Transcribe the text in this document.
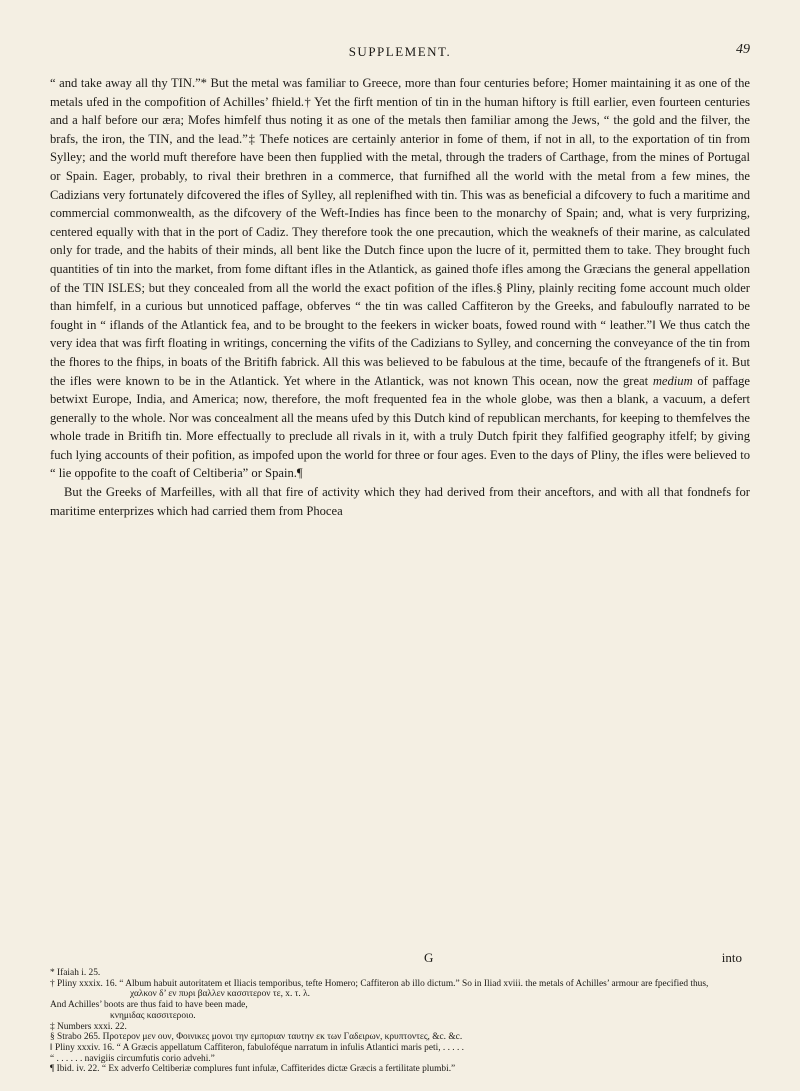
SUPPLEMENT.	49

“ and take away all thy TIN.”* But the metal was familiar to Greece, more than four centuries before; Homer maintaining it as one of the metals ufed in the compofition of Achilles’ fhield.† Yet the firft mention of tin in the human hiftory is ftill earlier, even fourteen centuries and a half before our æra; Mofes himfelf thus noting it as one of the metals then familiar among the Jews, “ the gold and the filver, the brafs, the iron, the TIN, and the lead.”‡ Thefe notices are certainly anterior in fome of them, if not in all, to the exportation of tin from Sylley; and the world muft therefore have been then fupplied with the metal, through the traders of Carthage, from the mines of Portugal or Spain. Eager, probably, to rival their brethren in a commerce, that furnifhed all the world with the metal from a few mines, the Cadizians very fortunately difcovered the ifles of Sylley, all replenifhed with tin. This was as beneficial a difcovery to fuch a maritime and commercial commonwealth, as the difcovery of the Weft-Indies has fince been to the monarchy of Spain; and, what is very furprizing, centered equally with that in the port of Cadiz. They therefore took the one precaution, which the weaknefs of their marine, as calculated only for trade, and the habits of their minds, all bent like the Dutch fince upon the lucre of it, permitted them to take. They brought fuch quantities of tin into the market, from fome diftant ifles in the Atlantick, as gained thofe ifles among the Græcians the general appellation of the TIN ISLES; but they concealed from all the world the exact pofition of the ifles.§ Pliny, plainly reciting fome account much older than himfelf, in a curious but unnoticed paffage, obferves “ the tin was called Caffiteron by the Greeks, and fabuloufly narrated to be fought in “ iflands of the Atlantick fea, and to be brought to the feekers in wicker boats, fowed round with “ leather.”‖ We thus catch the very idea that was firft floating in writings, concerning the vifits of the Cadizians to Sylley, and concerning the conveyance of the tin from the fhores to the fhips, in boats of the Britifh fabrick. All this was believed to be fabulous at the time, becaufe of the ftrangenefs of it. But the ifles were known to be in the Atlantick. Yet where in the Atlantick, was not known This ocean, now the great medium of paffage betwixt Europe, India, and America; now, therefore, the moft frequented fea in the whole globe, was then a blank, a vacuum, a defert generally to the whole. Nor was concealment all the means ufed by this Dutch kind of republican merchants, for keeping to themfelves the whole trade in Britifh tin. More effectually to preclude all rivals in it, with a truly Dutch fpirit they falfified geography itfelf; by giving fuch lying accounts of their pofition, as impofed upon the world for three or four ages. Even to the days of Pliny, the ifles were believed to “ lie oppofite to the coaft of Celtiberia” or Spain.¶

But the Greeks of Marfeilles, with all that fire of activity which they had derived from their anceftors, and with all that fondnefs for maritime enterprizes which had carried them from Phocea

G	into

* Ifaiah i. 25.

† Pliny xxxix. 16. “ Album habuit autoritatem et Iliacis temporibus, tefte Homero; Caffiteron ab illo dictum.” So in Iliad xviii. the metals of Achilles’ armour are fpecified thus,

χαλκον δ’ εν πυρι βαλλεν κασσιτερον τε, x. τ. λ.

And Achilles’ boots are thus faid to have been made,

κνημιδας κασσιτεροιο.

‡ Numbers xxxi. 22.

§ Strabo 265. Προτερον μεν ουν, Φοινικες μονοι την εμποριαν ταυτην εκ των Γαδειρων, κρυπτοντες, &c. &c.

‖ Pliny xxxiv. 16. “ A Græcis appellatum Caffiteron, fabuloféque narratum in infulis Atlantici maris peti, . . . . .

“ . . . . . . navigiis circumfutis corio advehi.”

¶ Ibid. iv. 22. “ Ex adverfo Celtiberiæ complures funt infulæ, Caffiterides dictæ Græcis a fertilitate plumbi.”
